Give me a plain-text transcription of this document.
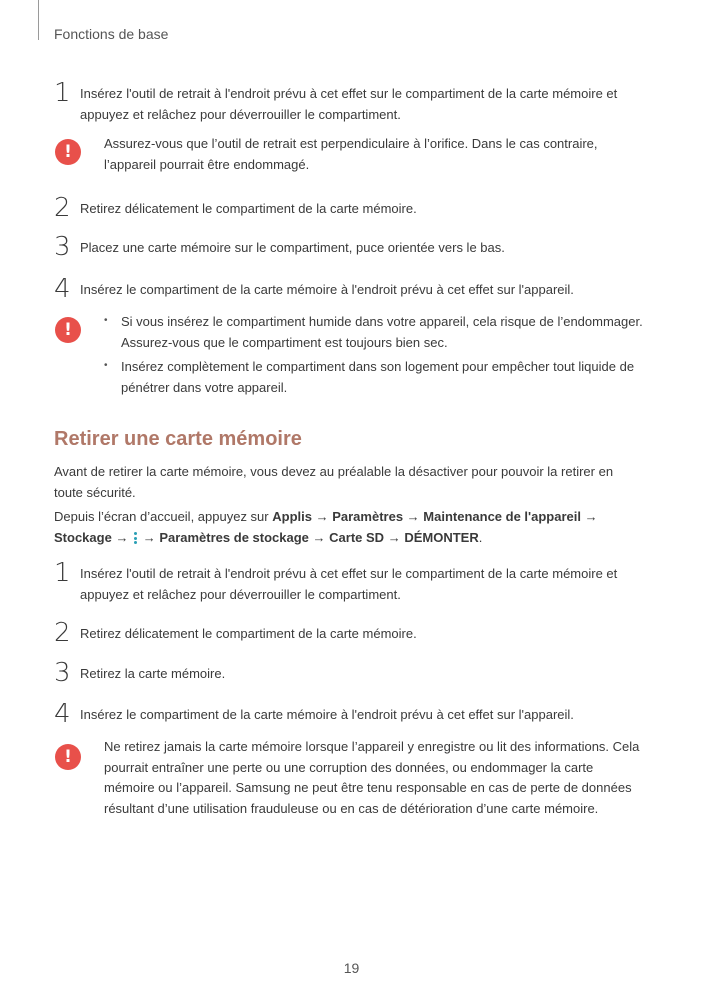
Fonctions de base
1 Insérez l'outil de retrait à l'endroit prévu à cet effet sur le compartiment de la carte mémoire et appuyez et relâchez pour déverrouiller le compartiment.
!	Assurez-vous que l’outil de retrait est perpendiculaire à l’orifice. Dans le cas contraire, l’appareil pourrait être endommagé.
2 Retirez délicatement le compartiment de la carte mémoire.
3 Placez une carte mémoire sur le compartiment, puce orientée vers le bas.
4 Insérez le compartiment de la carte mémoire à l'endroit prévu à cet effet sur l'appareil.
!
•	Si vous insérez le compartiment humide dans votre appareil, cela risque de l’endommager. Assurez-vous que le compartiment est toujours bien sec.
• Insérez complètement le compartiment dans son logement pour empêcher tout liquide de pénétrer dans votre appareil.
Retirer une carte mémoire
Avant de retirer la carte mémoire, vous devez au préalable la désactiver pour pouvoir la retirer en toute sécurité.
Depuis l’écran d’accueil, appuyez sur Applis → Paramètres → Maintenance de l'appareil → Stockage → → Paramètres de stockage → Carte SD → DÉMONTER.
1 Insérez l'outil de retrait à l'endroit prévu à cet effet sur le compartiment de la carte mémoire et appuyez et relâchez pour déverrouiller le compartiment.
2 Retirez délicatement le compartiment de la carte mémoire.
3 Retirez la carte mémoire.
4 Insérez le compartiment de la carte mémoire à l'endroit prévu à cet effet sur l'appareil.
!
Ne retirez jamais la carte mémoire lorsque l’appareil y enregistre ou lit des informations. Cela pourrait entraîner une perte ou une corruption des données, ou endommager la carte mémoire ou l’appareil. Samsung ne peut être tenu responsable en cas de perte de données résultant d’une utilisation frauduleuse ou en cas de détérioration d’une carte mémoire.
19
